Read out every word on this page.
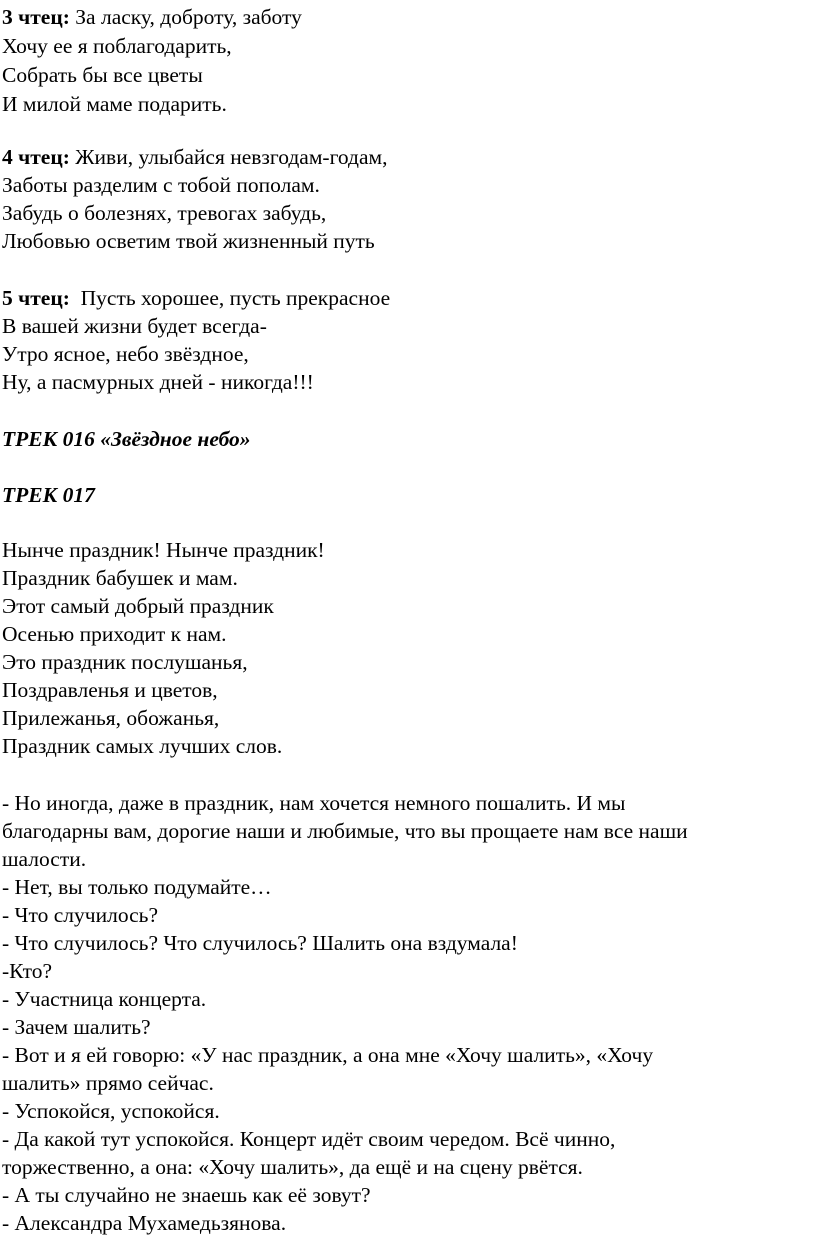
3 чтец: За ласку, доброту, заботу
Хочу ее я поблагодарить,
Собрать бы все цветы
И милой маме подарить.
4 чтец: Живи, улыбайся невзгодам-годам,
Заботы разделим с тобой пополам.
Забудь о болезнях, тревогах забудь,
Любовью осветим твой жизненный путь
5 чтец: Пусть хорошее, пусть прекрасное
В вашей жизни будет всегда-
Утро ясное, небо звёздное,
Ну, а пасмурных дней - никогда!!!
ТРЕК 016 «Звёздное небо»
ТРЕК 017
Нынче праздник! Нынче праздник!
Праздник бабушек и мам.
Этот самый добрый праздник
Осенью приходит к нам.
Это праздник послушанья,
Поздравленья и цветов,
Прилежанья, обожанья,
Праздник самых лучших слов.
- Но иногда, даже в праздник, нам хочется немного пошалить. И мы
благодарны вам, дорогие наши и любимые, что вы прощаете нам все наши
шалости.
- Нет, вы только подумайте…
- Что случилось?
- Что случилось? Что случилось? Шалить она вздумала!
-Кто?
- Участница концерта.
- Зачем шалить?
- Вот и я ей говорю: «У нас праздник, а она мне «Хочу шалить», «Хочу
шалить» прямо сейчас.
- Успокойся, успокойся.
- Да какой тут успокойся. Концерт идёт своим чередом. Всё чинно,
торжественно, а она: «Хочу шалить», да ещё и на сцену рвётся.
- А ты случайно не знаешь как её зовут?
- Александра Мухамедьзянова.
